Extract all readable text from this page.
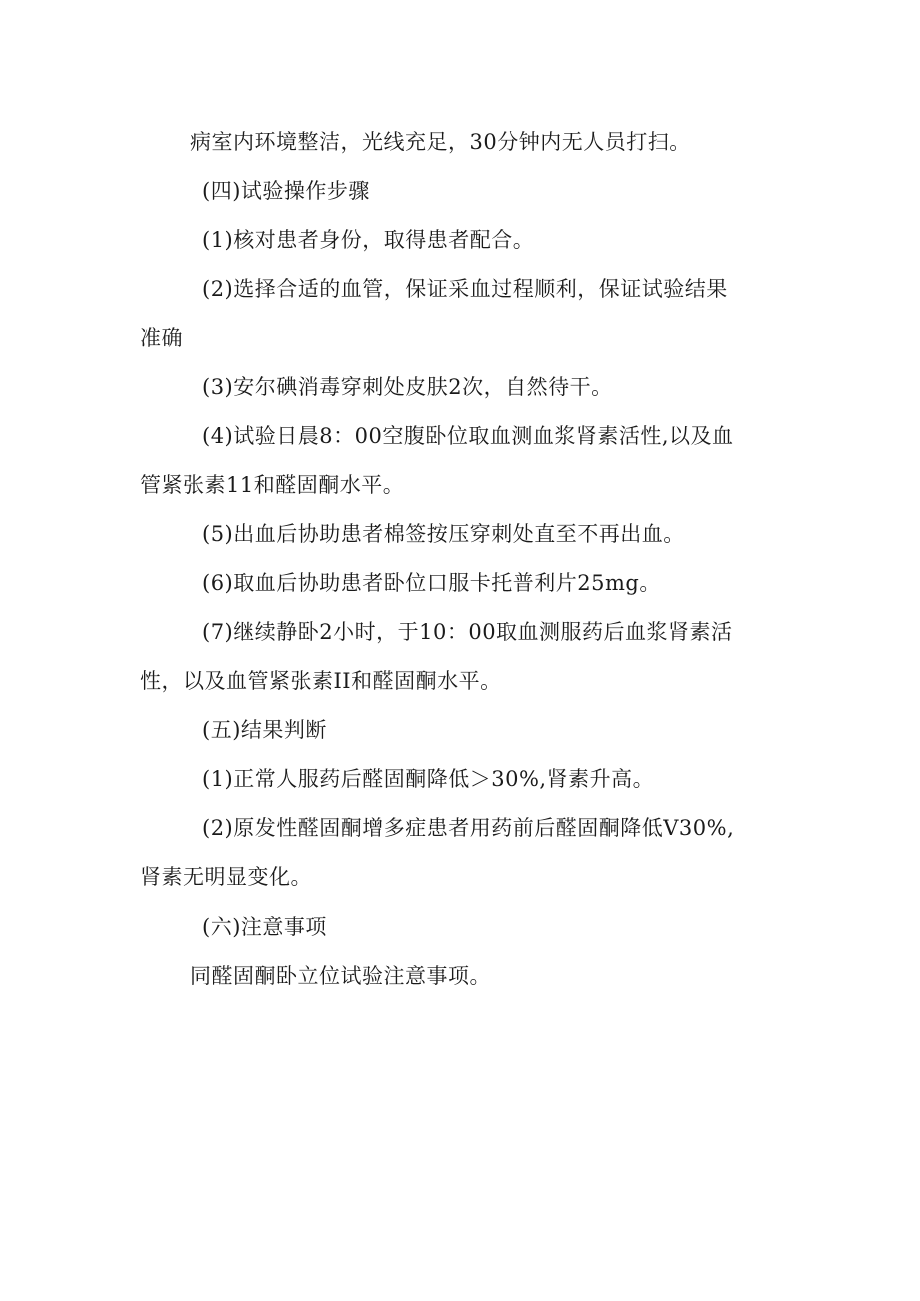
病室内环境整洁，光线充足，30分钟内无人员打扫。
(四)试验操作步骤
(1)核对患者身份，取得患者配合。
(2)选择合适的血管，保证采血过程顺利，保证试验结果
准确
(3)安尔碘消毒穿刺处皮肤2次，自然待干。
(4)试验日晨8：00空腹卧位取血测血浆肾素活性,以及血
管紧张素11和醛固酮水平。
(5)出血后协助患者棉签按压穿刺处直至不再出血。
(6)取血后协助患者卧位口服卡托普利片25mg。
(7)继续静卧2小时，于10：00取血测服药后血浆肾素活
性，以及血管紧张素II和醛固酮水平。
(五)结果判断
(1)正常人服药后醛固酮降低＞30%,肾素升高。
(2)原发性醛固酮增多症患者用药前后醛固酮降低V30%,
肾素无明显变化。
(六)注意事项
同醛固酮卧立位试验注意事项。
